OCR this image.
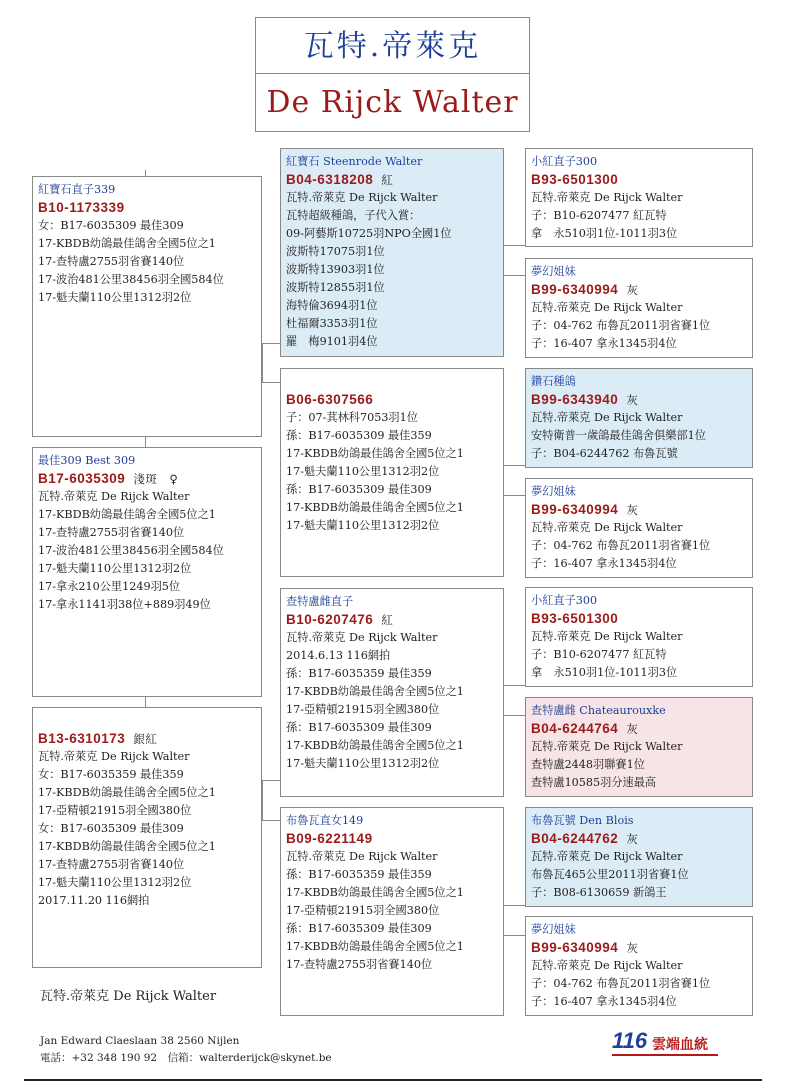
瓦特.帝萊克
De Rijck Walter
紅寶石直子339
B10-1173339
女：B17-6035309 最佳309
17-KBDB幼鴿最佳鴿舍全國5位之1
17-查特盧2755羽省賽140位
17-波治481公里38456羽全國584位
17-魁夫蘭110公里1312羽2位
最佳309 Best 309
B17-6035309 淺斑　♀
瓦特.帝萊克 De Rijck Walter
17-KBDB幼鴿最佳鴿舍全國5位之1
17-查特盧2755羽省賽140位
17-波治481公里38456羽全國584位
17-魁夫蘭110公里1312羽2位
17-拿永210公里1249羽5位
17-拿永1141羽38位+889羽49位
B13-6310173 銀紅
瓦特.帝萊克 De Rijck Walter
女：B17-6035359 最佳359
17-KBDB幼鴿最佳鴿舍全國5位之1
17-亞精頓21915羽全國380位
女：B17-6035309 最佳309
17-KBDB幼鴿最佳鴿舍全國5位之1
17-查特盧2755羽省賽140位
17-魁夫蘭110公里1312羽2位
2017.11.20 116網拍
紅寶石 Steenrode Walter
B04-6318208 紅
瓦特.帝萊克 De Rijck Walter
瓦特超級種鴿，子代入賞：
09-阿藝斯10725羽NPO全國1位
波斯特17075羽1位
波斯特13903羽1位
波斯特12855羽1位
海特倫3694羽1位
杜福爾3353羽1位
羅　梅9101羽4位
B06-6307566
子：07-萁林科7053羽1位
孫：B17-6035309 最佳359
17-KBDB幼鴿最佳鴿舍全國5位之1
17-魁夫蘭110公里1312羽2位
孫：B17-6035309 最佳309
17-KBDB幼鴿最佳鴿舍全國5位之1
17-魁夫蘭110公里1312羽2位
查特盧雌直子
B10-6207476 紅
瓦特.帝萊克 De Rijck Walter
2014.6.13 116網拍
孫：B17-6035359 最佳359
17-KBDB幼鴿最佳鴿舍全國5位之1
17-亞精頓21915羽全國380位
孫：B17-6035309 最佳309
17-KBDB幼鴿最佳鴿舍全國5位之1
17-魁夫蘭110公里1312羽2位
布魯瓦直女149
B09-6221149
瓦特.帝萊克 De Rijck Walter
孫：B17-6035359 最佳359
17-KBDB幼鴿最佳鴿舍全國5位之1
17-亞精頓21915羽全國380位
孫：B17-6035309 最佳309
17-KBDB幼鴿最佳鴿舍全國5位之1
17-查特盧2755羽省賽140位
小紅直子300
B93-6501300
瓦特.帝萊克 De Rijck Walter
子：B10-6207477 紅瓦特
拿　永510羽1位-1011羽3位
夢幻姐妹
B99-6340994 灰
瓦特.帝萊克 De Rijck Walter
子：04-762 布魯瓦2011羽省賽1位
子：16-407 拿永1345羽4位
鑽石種鴿
B99-6343940 灰
瓦特.帝萊克 De Rijck Walter
安特衛普一歲鴿最佳鴿舍俱樂部1位
子：B04-6244762 布魯瓦號
夢幻姐妹
B99-6340994 灰
瓦特.帝萊克 De Rijck Walter
子：04-762 布魯瓦2011羽省賽1位
子：16-407 拿永1345羽4位
小紅直子300
B93-6501300
瓦特.帝萊克 De Rijck Walter
子：B10-6207477 紅瓦特
拿　永510羽1位-1011羽3位
查特盧雌 Chateaurouxke
B04-6244764 灰
瓦特.帝萊克 De Rijck Walter
查特盧2448羽聯賽1位
查特盧10585羽分速最高
布魯瓦號 Den Blois
B04-6244762 灰
瓦特.帝萊克 De Rijck Walter
布魯瓦465公里2011羽省賽1位
子：B08-6130659 新鴿王
夢幻姐妹
B99-6340994 灰
瓦特.帝萊克 De Rijck Walter
子：04-762 布魯瓦2011羽省賽1位
子：16-407 拿永1345羽4位
瓦特.帝萊克 De Rijck Walter
Jan Edward Claeslaan 38 2560 Nijlen
電話：+32 348 190 92　信箱：walterderijck@skynet.be
116 雲端血統
